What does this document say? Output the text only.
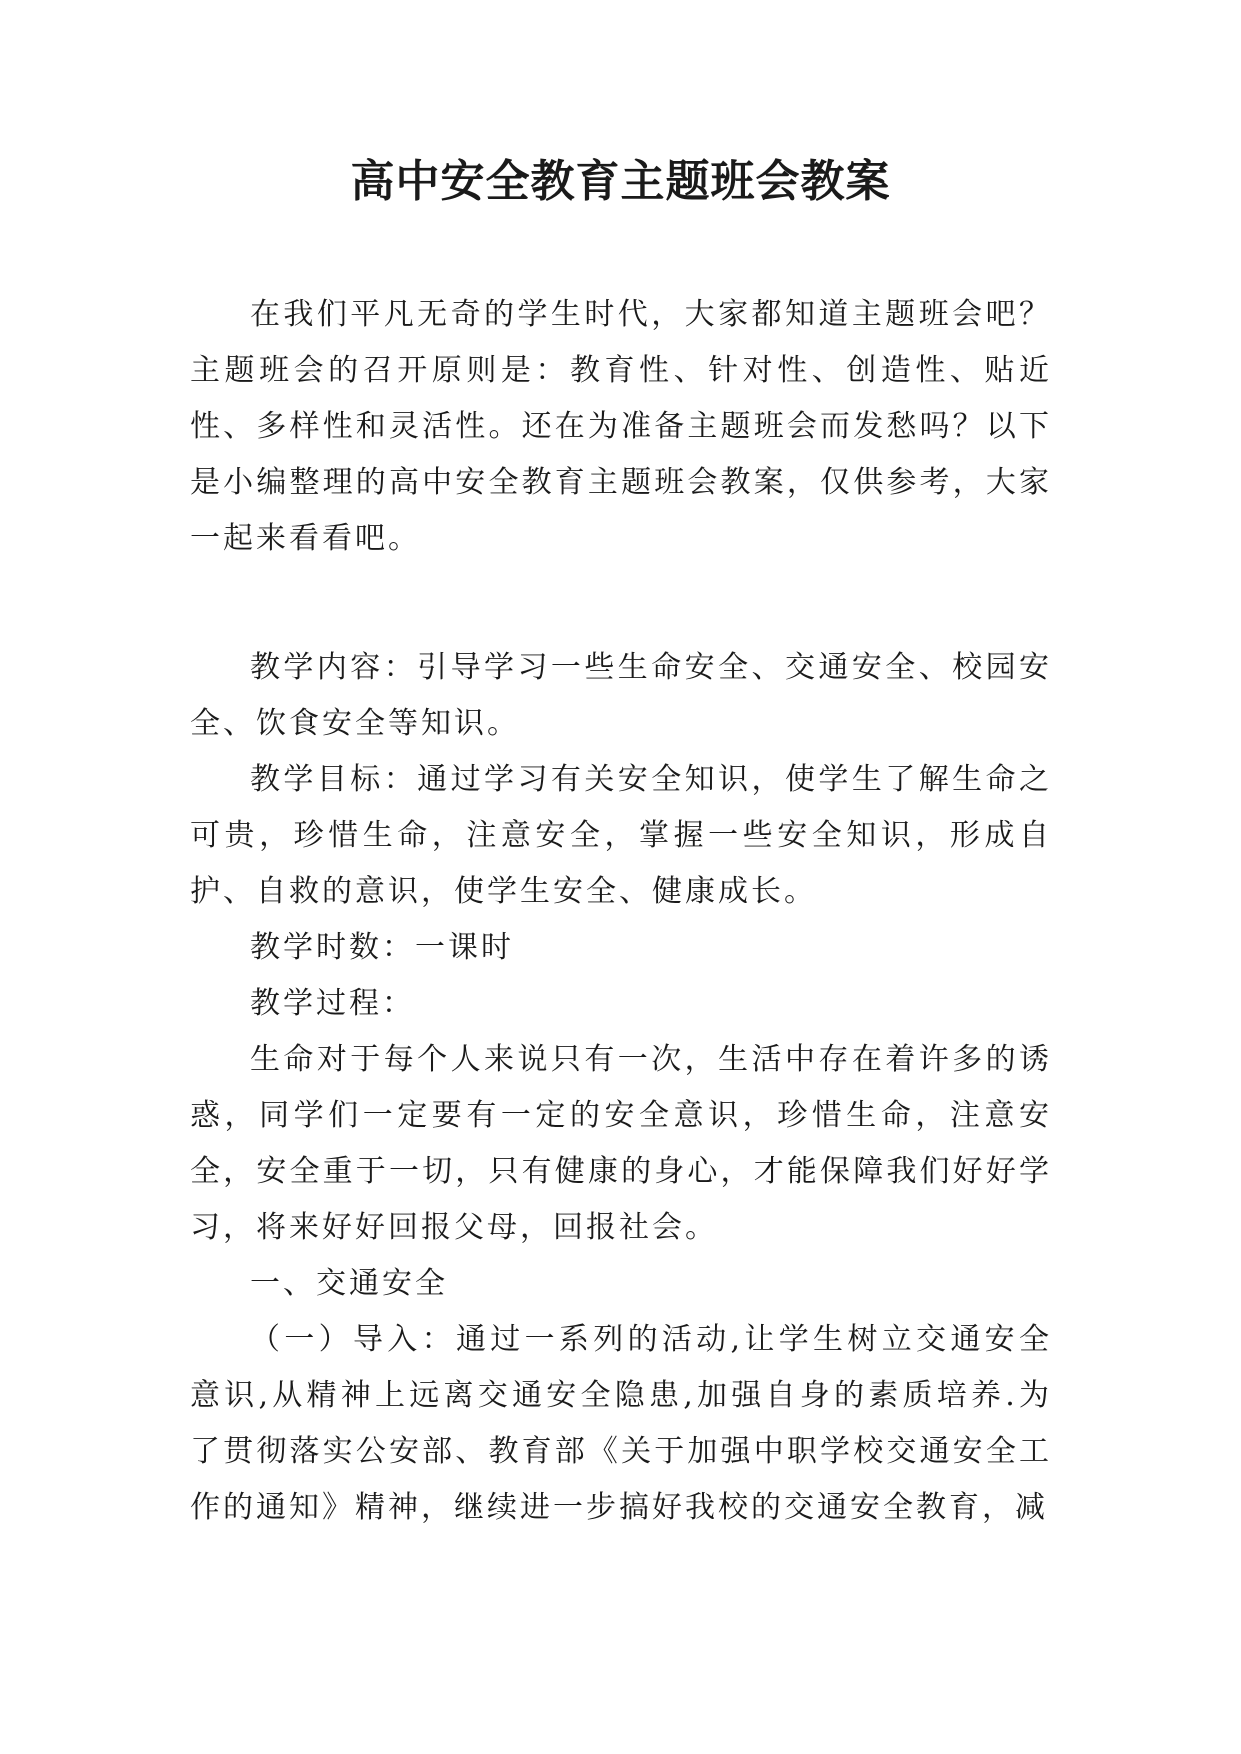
高中安全教育主题班会教案

在我们平凡无奇的学生时代，大家都知道主题班会吧？主题班会的召开原则是：教育性、针对性、创造性、贴近性、多样性和灵活性。还在为准备主题班会而发愁吗？以下是小编整理的高中安全教育主题班会教案，仅供参考，大家一起来看看吧。

教学内容：引导学习一些生命安全、交通安全、校园安全、饮食安全等知识。

教学目标：通过学习有关安全知识，使学生了解生命之可贵，珍惜生命，注意安全，掌握一些安全知识，形成自护、自救的意识，使学生安全、健康成长。

教学时数：一课时

教学过程：

生命对于每个人来说只有一次，生活中存在着许多的诱惑，同学们一定要有一定的安全意识，珍惜生命，注意安全，安全重于一切，只有健康的身心，才能保障我们好好学习，将来好好回报父母，回报社会。

一、交通安全

（一）导入：通过一系列的活动,让学生树立交通安全意识,从精神上远离交通安全隐患,加强自身的素质培养.为了贯彻落实公安部、教育部《关于加强中职学校交通安全工作的通知》精神，继续进一步搞好我校的交通安全教育，减
